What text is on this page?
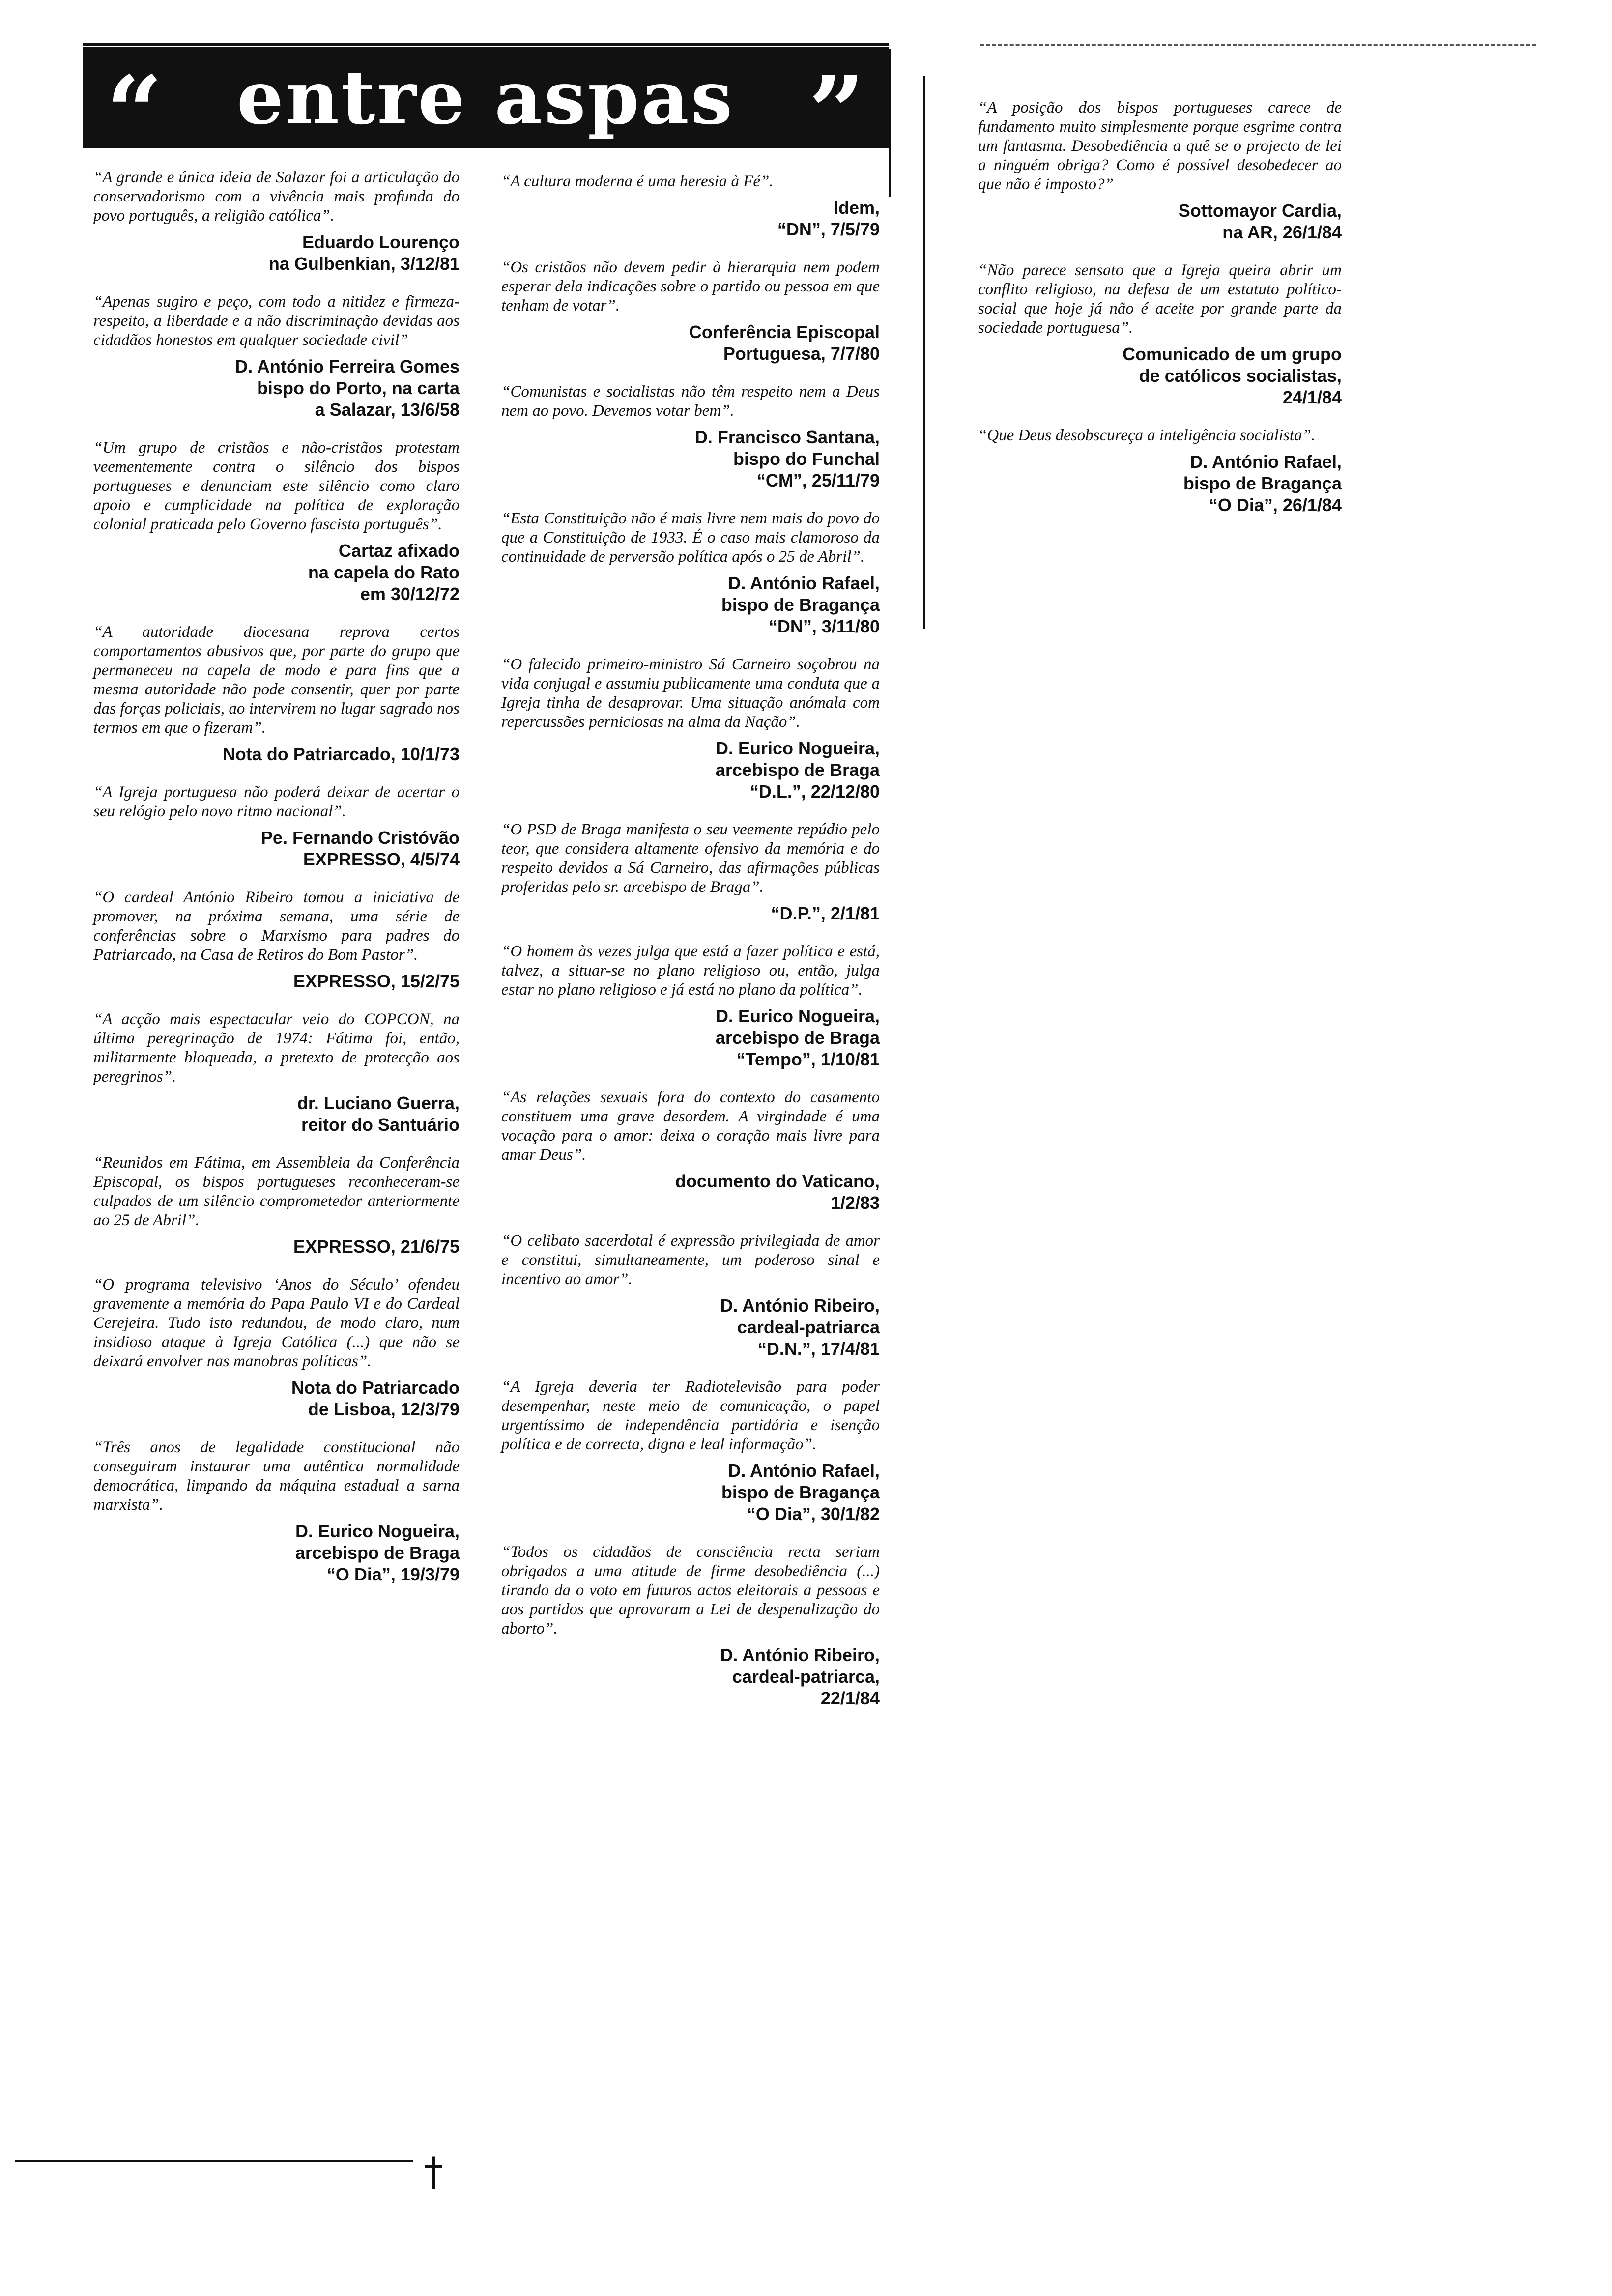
“	entre aspas ”

“A grande e única ideia de Salazar foi a articulação do conservadorismo com a vivência mais profunda do povo português, a religião católica”.

Eduardo Lourenço
na Gulbenkian, 3/12/81

“Apenas sugiro e peço, com todo a nitidez e firmeza-respeito, a liberdade e a não discriminação devidas aos cidadãos honestos em qualquer sociedade civil”

D. António Ferreira Gomes
bispo do Porto, na carta
a Salazar, 13/6/58

“Um grupo de cristãos e não-cristãos protestam veementemente contra o silêncio dos bispos portugueses e denunciam este silêncio como claro apoio e cumplicidade na política de exploração colonial praticada pelo Governo fascista português”.

Cartaz afixado
na capela do Rato
em 30/12/72

“A autoridade diocesana reprova certos comportamentos abusivos que, por parte do grupo que permaneceu na capela de modo e para fins que a mesma autoridade não pode consentir, quer por parte das forças policiais, ao intervirem no lugar sagrado nos termos em que o fizeram”.

Nota do Patriarcado, 10/1/73

“A Igreja portuguesa não poderá deixar de acertar o seu relógio pelo novo ritmo nacional”.

Pe. Fernando Cristóvão
EXPRESSO, 4/5/74

“O cardeal António Ribeiro tomou a iniciativa de promover, na próxima semana, uma série de conferências sobre o Marxismo para padres do Patriarcado, na Casa de Retiros do Bom Pastor”.

EXPRESSO, 15/2/75

“A acção mais espectacular veio do COPCON, na última peregrinação de 1974: Fátima foi, então, militarmente bloqueada, a pretexto de protecção aos peregrinos”.

dr. Luciano Guerra,
reitor do Santuário

“Reunidos em Fátima, em Assembleia da Conferência Episcopal, os bispos portugueses reconheceram-se culpados de um silêncio comprometedor anteriormente ao 25 de Abril”.

EXPRESSO, 21/6/75

“O programa televisivo ‘Anos do Século’ ofendeu gravemente a memória do Papa Paulo VI e do Cardeal Cerejeira. Tudo isto redundou, de modo claro, num insidioso ataque à Igreja Católica (...) que não se deixará envolver nas manobras políticas”.

Nota do Patriarcado
de Lisboa, 12/3/79

“Três anos de legalidade constitucional não conseguiram instaurar uma autêntica normalidade democrática, limpando da máquina estadual a sarna marxista”.

D. Eurico Nogueira,
arcebispo de Braga
“O Dia”, 19/3/79

“A cultura moderna é uma heresia à Fé”.

Idem,
“DN”, 7/5/79

“Os cristãos não devem pedir à hierarquia nem podem esperar dela indicações sobre o partido ou pessoa em que tenham de votar”.

Conferência Episcopal
Portuguesa, 7/7/80

“Comunistas e socialistas não têm respeito nem a Deus nem ao povo. Devemos votar bem”.

D. Francisco Santana,
bispo do Funchal
“CM”, 25/11/79

“Esta Constituição não é mais livre nem mais do povo do que a Constituição de 1933. É o caso mais clamoroso da continuidade de perversão política após o 25 de Abril”.

D. António Rafael,
bispo de Bragança
“DN”, 3/11/80

“O falecido primeiro-ministro Sá Carneiro soçobrou na vida conjugal e assumiu publicamente uma conduta que a Igreja tinha de desaprovar. Uma situação anómala com repercussões perniciosas na alma da Nação”.

D. Eurico Nogueira,
arcebispo de Braga
“D.L.”, 22/12/80

“O PSD de Braga manifesta o seu veemente repúdio pelo teor, que considera altamente ofensivo da memória e do respeito devidos a Sá Carneiro, das afirmações públicas proferidas pelo sr. arcebispo de Braga”.

“D.P.”, 2/1/81

“O homem às vezes julga que está a fazer política e está, talvez, a situar-se no plano religioso ou, então, julga estar no plano religioso e já está no plano da política”.

D. Eurico Nogueira,
arcebispo de Braga
“Tempo”, 1/10/81

“As relações sexuais fora do contexto do casamento constituem uma grave desordem. A virgindade é uma vocação para o amor: deixa o coração mais livre para amar Deus”.

documento do Vaticano,
1/2/83

“O celibato sacerdotal é expressão privilegiada de amor e constitui, simultaneamente, um poderoso sinal e incentivo ao amor”.

D. António Ribeiro,
cardeal-patriarca
“D.N.”, 17/4/81

“A Igreja deveria ter Radiotelevisão para poder desempenhar, neste meio de comunicação, o papel urgentíssimo de independência partidária e isenção política e de correcta, digna e leal informação”.

D. António Rafael,
bispo de Bragança
“O Dia”, 30/1/82

“Todos os cidadãos de consciência recta seriam obrigados a uma atitude de firme desobediência (...) tirando da o voto em futuros actos eleitorais a pessoas e aos partidos que aprovaram a Lei de despenalização do aborto”.

D. António Ribeiro,
cardeal-patriarca,
22/1/84

“A posição dos bispos portugueses carece de fundamento muito simplesmente porque esgrime contra um fantasma. Desobediência a quê se o projecto de lei a ninguém obriga? Como é possível desobedecer ao que não é imposto?”

Sottomayor Cardia,
na AR, 26/1/84

“Não parece sensato que a Igreja queira abrir um conflito religioso, na defesa de um estatuto político-social que hoje já não é aceite por grande parte da sociedade portuguesa”.

Comunicado de um grupo
de católicos socialistas,
24/1/84

“Que Deus desobscureça a inteligência socialista”.

D. António Rafael,
bispo de Bragança
“O Dia”, 26/1/84
†
